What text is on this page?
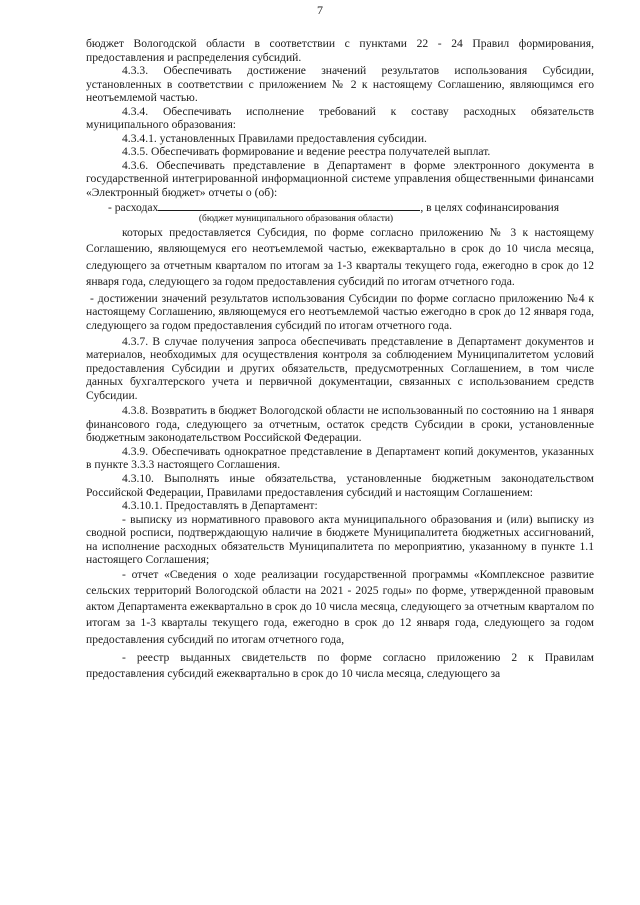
7

бюджет Вологодской области в соответствии с пунктами 22 - 24 Правил формирования, предоставления и распределения субсидий.

4.3.3. Обеспечивать достижение значений результатов использования Субсидии, установленных в соответствии с приложением № 2 к настоящему Соглашению, являющимся его неотъемлемой частью.

4.3.4. Обеспечивать исполнение требований к составу расходных обязательств муниципального образования:

4.3.4.1. установленных Правилами предоставления субсидии.

4.3.5. Обеспечивать формирование и ведение реестра получателей выплат.

4.3.6. Обеспечивать представление в Департамент в форме электронного документа в государственной интегрированной информационной системе управления общественными финансами «Электронный бюджет» отчеты о (об):

- расходах	, в целях софинансирования

(бюджет муниципального образования области)

которых предоставляется Субсидия, по форме согласно приложению № 3 к настоящему Соглашению, являющемуся его неотъемлемой частью, ежеквартально в срок до 10 числа месяца, следующего за отчетным кварталом по итогам за 1-3 кварталы текущего года, ежегодно в срок до 12 января года, следующего за годом предоставления субсидий по итогам отчетного года.

- достижении значений результатов использования Субсидии по форме согласно приложению №4 к настоящему Соглашению, являющемуся его неотъемлемой частью ежегодно в срок до 12 января года, следующего за годом предоставления субсидий по итогам отчетного года.

4.3.7. В случае получения запроса обеспечивать представление в Департамент документов и материалов, необходимых для осуществления контроля за соблюдением Муниципалитетом условий предоставления Субсидии и других обязательств, предусмотренных Соглашением, в том числе данных бухгалтерского учета и первичной документации, связанных с использованием средств Субсидии.

4.3.8. Возвратить в бюджет Вологодской области не использованный по состоянию на 1 января финансового года, следующего за отчетным, остаток средств Субсидии в сроки, установленные бюджетным законодательством Российской Федерации.

4.3.9. Обеспечивать однократное представление в Департамент копий документов, указанных в пункте 3.3.3 настоящего Соглашения.

4.3.10. Выполнять иные обязательства, установленные бюджетным законодательством Российской Федерации, Правилами предоставления субсидий и настоящим Соглашением:

4.3.10.1. Предоставлять в Департамент:

- выписку из нормативного правового акта муниципального образования и (или) выписку из сводной росписи, подтверждающую наличие в бюджете Муниципалитета бюджетных ассигнований, на исполнение расходных обязательств Муниципалитета по мероприятию, указанному в пункте 1.1 настоящего Соглашения;

- отчет «Сведения о ходе реализации государственной программы «Комплексное развитие сельских территорий Вологодской области на 2021 - 2025 годы» по форме, утвержденной правовым актом Департамента ежеквартально в срок до 10 числа месяца, следующего за отчетным кварталом по итогам за 1-3 кварталы текущего года, ежегодно в срок до 12 января года, следующего за годом предоставления субсидий по итогам отчетного года,

- реестр выданных свидетельств по форме согласно приложению 2 к Правилам предоставления субсидий ежеквартально в срок до 10 числа месяца, следующего за
